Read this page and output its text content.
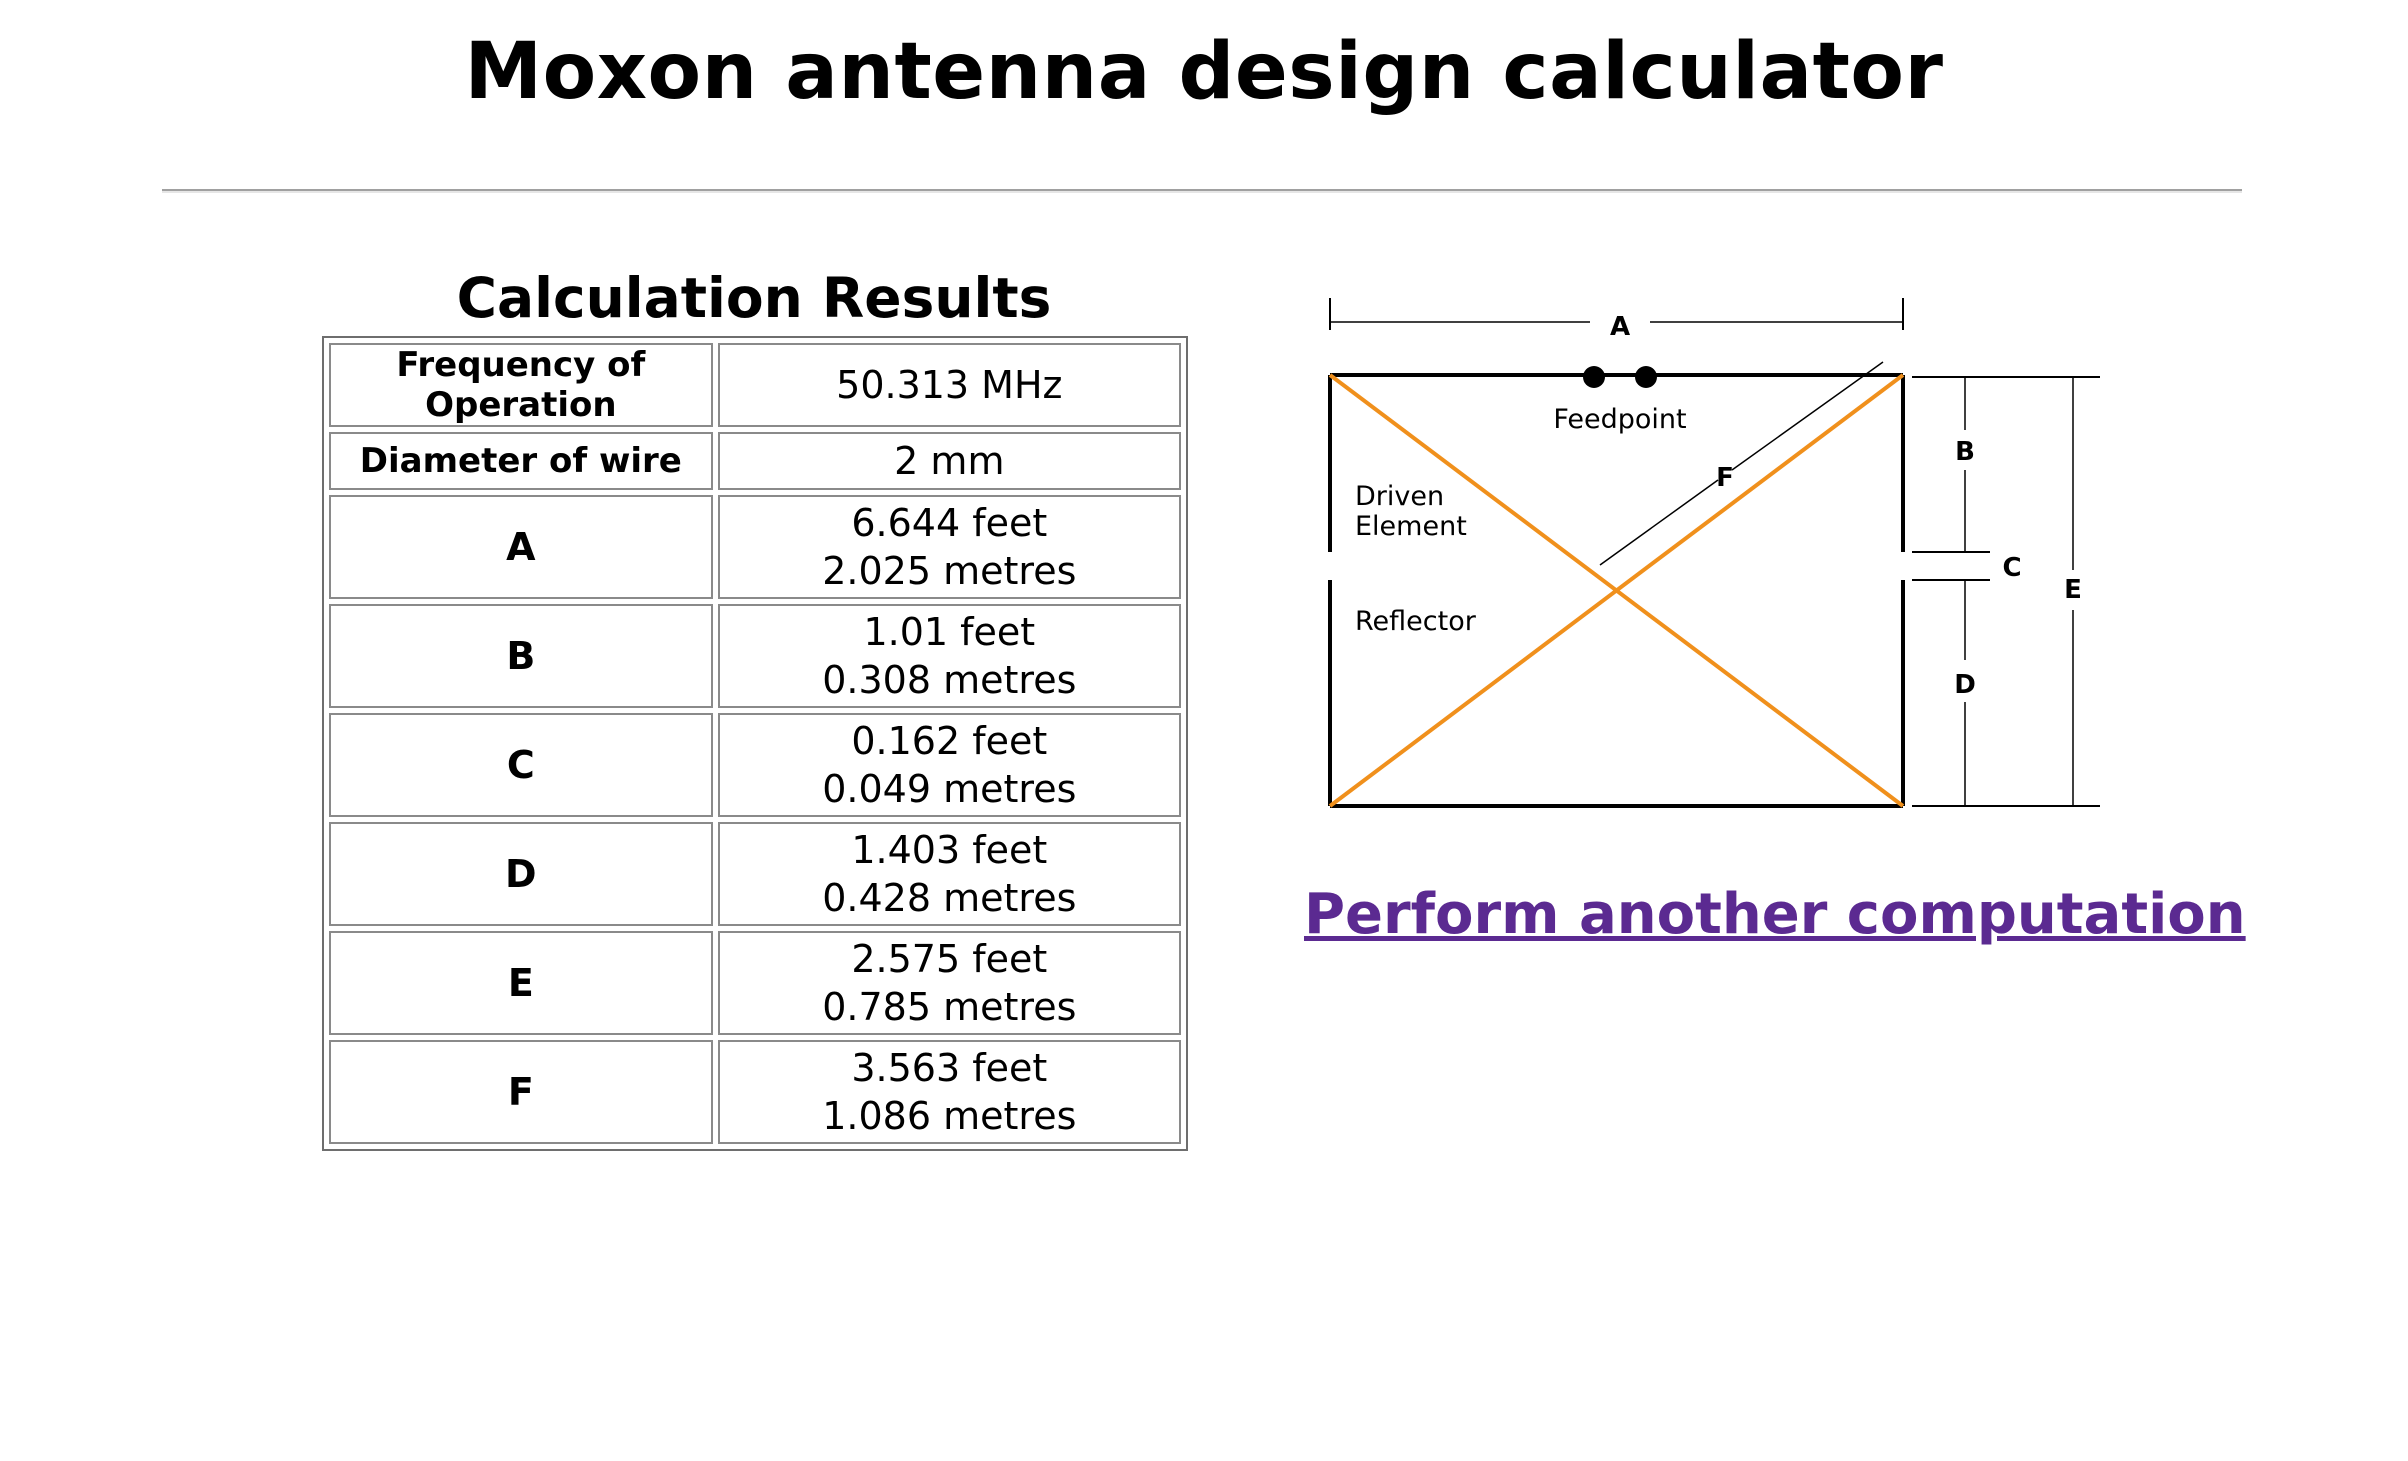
Moxon antenna design calculator
Calculation Results
Frequency of Operation	50.313 MHz

Diameter of wire	2 mm

A	6.644 feet
2.025 metres

B	1.01 feet
0.308 metres

C	0.162 feet
0.049 metres

D	1.403 feet
0.428 metres

E	2.575 feet
0.785 metres

F	3.563 feet
1.086 metres
A
F
Feedpoint
Driven
Element
Reflector
B
C
D
E
Perform another computation
